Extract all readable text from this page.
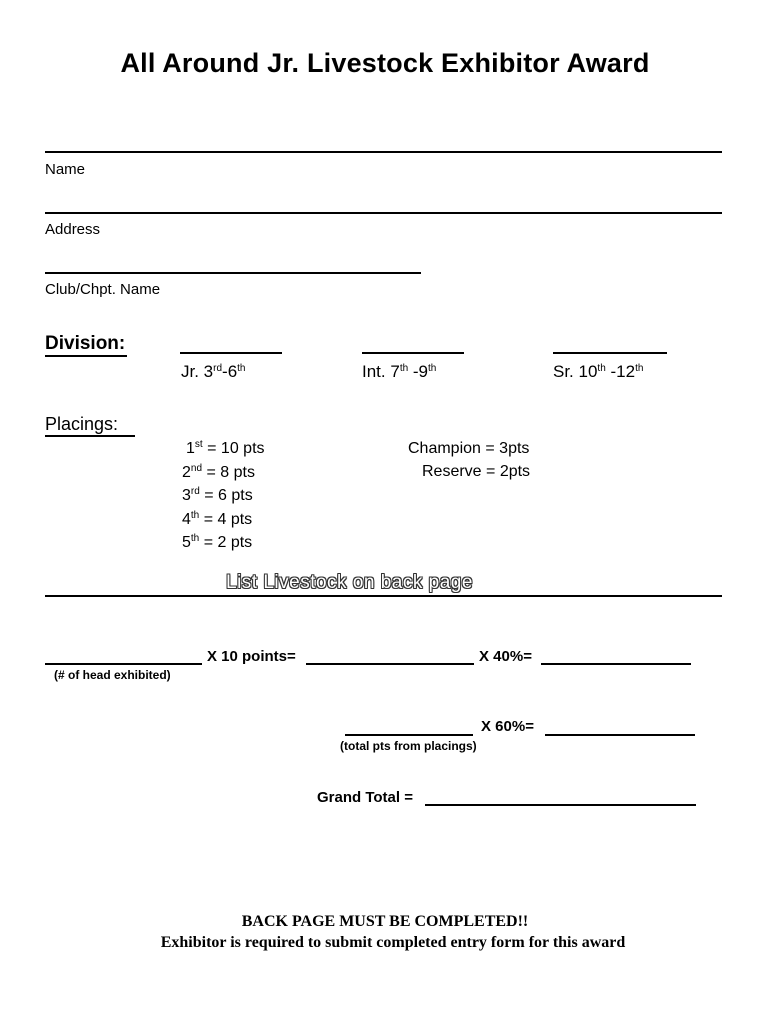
All Around Jr. Livestock Exhibitor Award
Name
Address
Club/Chpt. Name
Division:
Jr. 3rd-6th	Int. 7th -9th	Sr. 10th -12th
Placings:
1st = 10 pts
2nd = 8 pts
3rd = 6 pts
4th = 4 pts
5th = 2 pts
Champion = 3pts
Reserve = 2pts
List Livestock on back page
X 10 points=	X 40%=
(# of head exhibited)
X 60%=
(total pts from placings)
Grand Total =
BACK PAGE MUST BE COMPLETED!!
Exhibitor is required to submit completed entry form for this award
